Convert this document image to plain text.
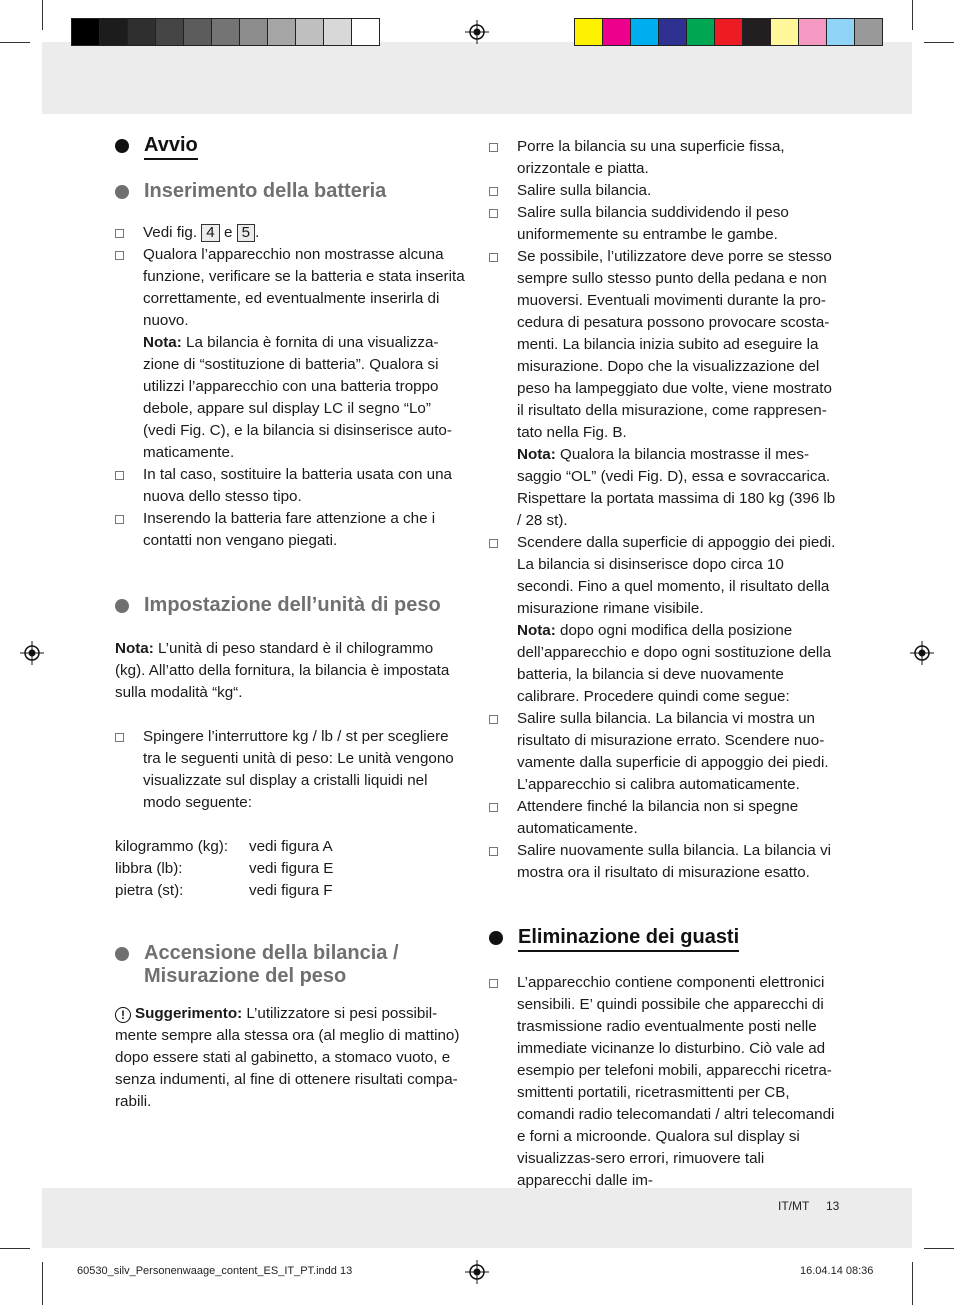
Avvio
Inserimento della batteria
Vedi fig. 4 e 5 .
Qualora l’apparecchio non mostrasse alcuna funzione, verificare se la batteria e stata inserita correttamente, ed eventualmente inserirla di nuovo.
Nota: La bilancia è fornita di una visualizza-zione di “sostituzione di batteria”. Qualora si utilizzi l’apparecchio con una batteria troppo debole, appare sul display LC il segno “Lo” (vedi Fig. C), e la bilancia si disinserisce auto-maticamente.
In tal caso, sostituire la batteria usata con una nuova dello stesso tipo.
Inserendo la batteria fare attenzione a che i contatti non vengano piegati.
Impostazione dell’unità di peso

Nota: L’unità di peso standard è il chilogrammo (kg). All’atto della fornitura, la bilancia è impostata sulla modalità “kg“.

Spingere l’interruttore kg / lb / st per scegliere tra le seguenti unità di peso: Le unità vengono visualizzate sul display a cristalli liquidi nel modo seguente:
kilogrammo (kg):	vedi figura A
libbra (lb):	vedi figura E
pietra (st):	vedi figura F
Accensione della bilancia / Misurazione del peso

! Suggerimento: L’utilizzatore si pesi possibil-mente sempre alla stessa ora (al meglio di mattino) dopo essere stati al gabinetto, a stomaco vuoto, e senza indumenti, al fine di ottenere risultati compa-rabili.

Porre la bilancia su una superficie fissa, orizzontale e piatta.
Salire sulla bilancia.
Salire sulla bilancia suddividendo il peso uniformemente su entrambe le gambe.
Se possibile, l’utilizzatore deve porre se stesso sempre sullo stesso punto della pedana e non muoversi. Eventuali movimenti durante la pro-cedura di pesatura possono provocare scosta-menti. La bilancia inizia subito ad eseguire la misurazione. Dopo che la visualizzazione del peso ha lampeggiato due volte, viene mostrato il risultato della misurazione, come rappresen-tato nella Fig. B.
Nota: Qualora la bilancia mostrasse il mes-saggio “OL” (vedi Fig. D), essa e sovraccarica. Rispettare la portata massima di 180 kg (396 lb / 28 st).
Scendere dalla superficie di appoggio dei piedi. La bilancia si disinserisce dopo circa 10 secondi. Fino a quel momento, il risultato della misurazione rimane visibile.
Nota: dopo ogni modifica della posizione dell’apparecchio e dopo ogni sostituzione della batteria, la bilancia si deve nuovamente calibrare. Procedere quindi come segue:
Salire sulla bilancia. La bilancia vi mostra un risultato di misurazione errato. Scendere nuo-vamente dalla superficie di appoggio dei piedi. L’apparecchio si calibra automaticamente.
Attendere finché la bilancia non si spegne automaticamente.
Salire nuovamente sulla bilancia. La bilancia vi mostra ora il risultato di misurazione esatto.
Eliminazione dei guasti
L’apparecchio contiene componenti elettronici sensibili. E’ quindi possibile che apparecchi di trasmissione radio eventualmente posti nelle immediate vicinanze lo disturbino. Ciò vale ad esempio per telefoni mobili, apparecchi ricetra-smittenti portatili, ricetrasmittenti per CB, comandi radio telecomandati / altri telecomandi e forni a microonde. Qualora sul display si visualizzas-sero errori, rimuovere tali apparecchi dalle im-
IT/MT 13
60530_silv_Personenwaage_content_ES_IT_PT.indd 13	16.04.14 08:36
